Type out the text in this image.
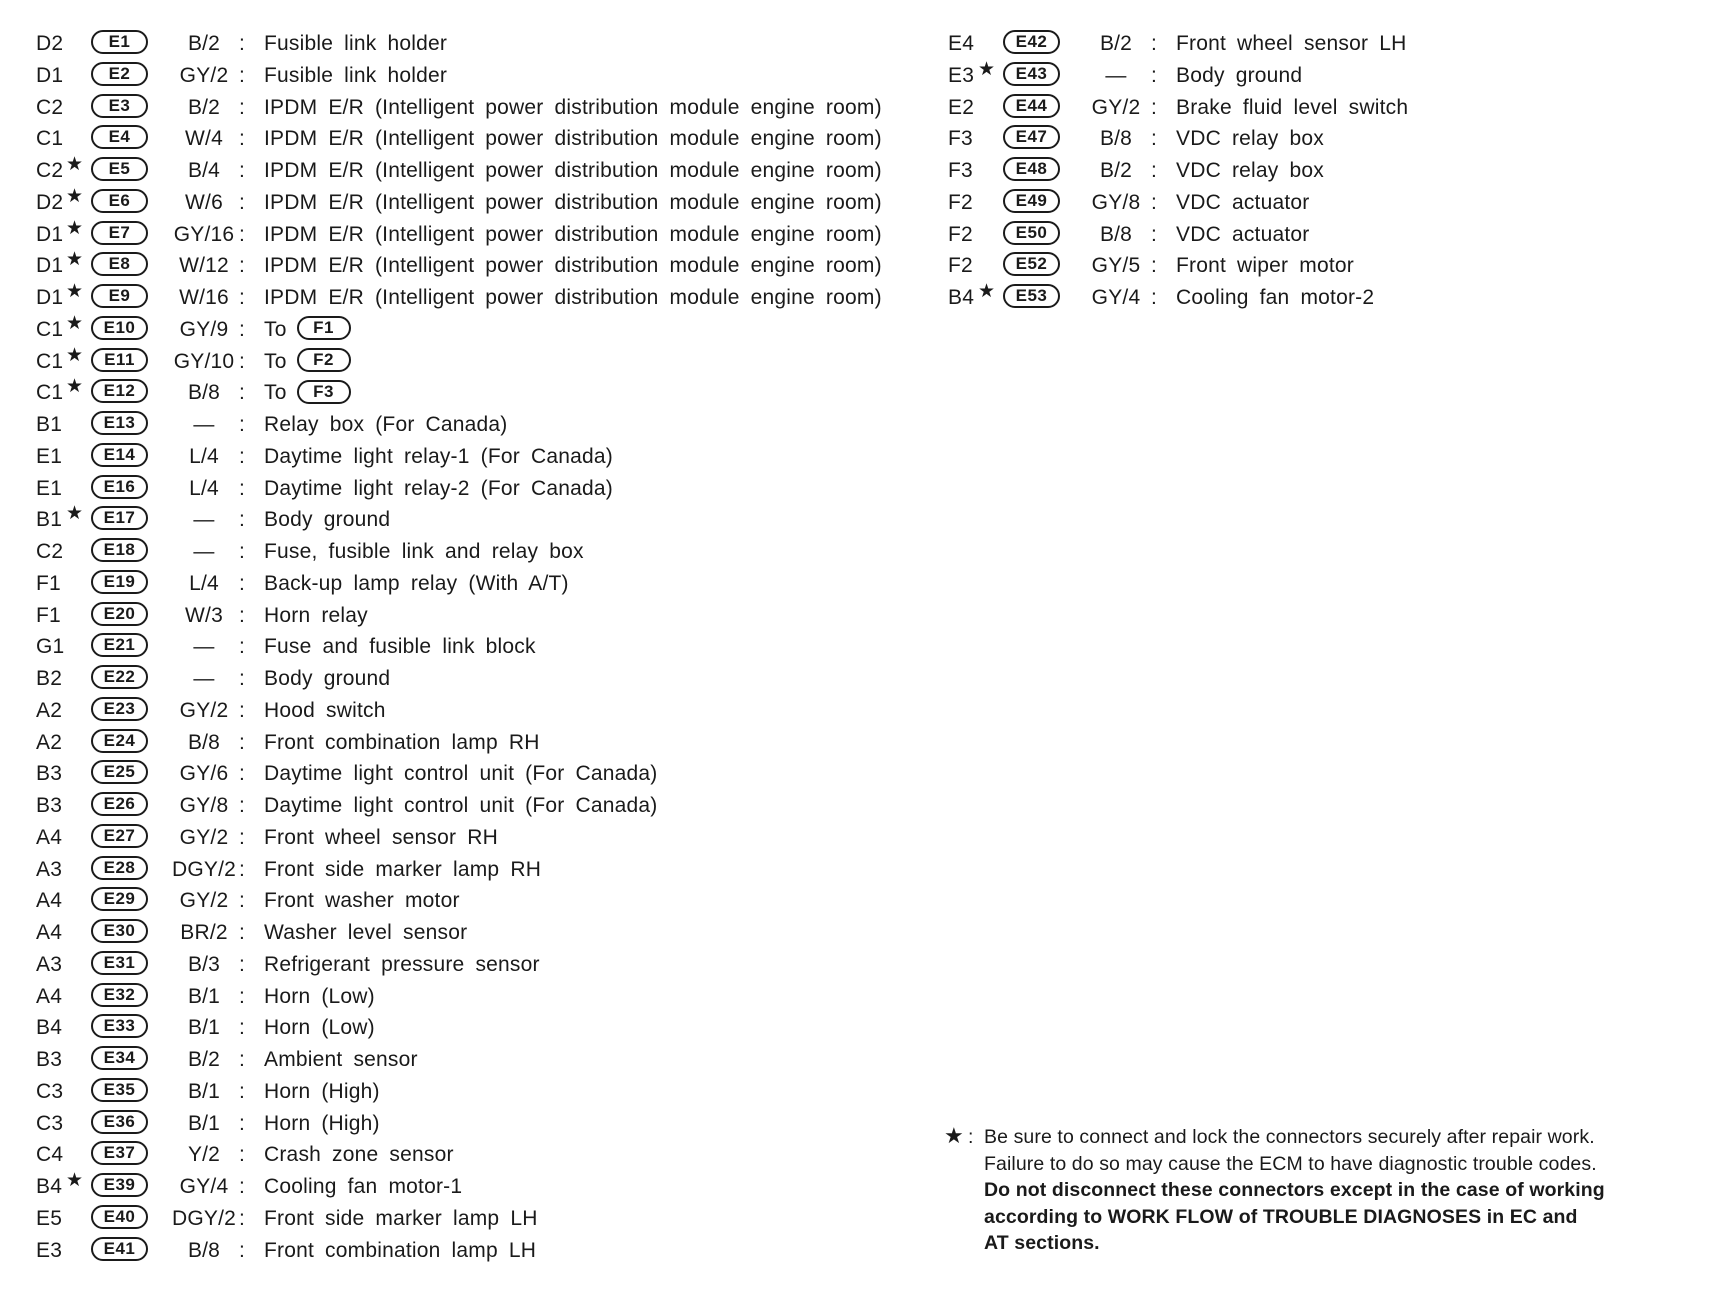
D2	E1	B/2 : Fusible link holder
D1	E2	GY/2 : Fusible link holder
C2	E3	B/2 : IPDM E/R (Intelligent power distribution module engine room)
C1	E4	W/4 : IPDM E/R (Intelligent power distribution module engine room)
C2 ★	E5	B/4 : IPDM E/R (Intelligent power distribution module engine room)
D2 ★	E6	W/6 : IPDM E/R (Intelligent power distribution module engine room)
D1 ★	E7	GY/16 : IPDM E/R (Intelligent power distribution module engine room)
D1 ★	E8	W/12 : IPDM E/R (Intelligent power distribution module engine room)
D1 ★	E9	W/16 : IPDM E/R (Intelligent power distribution module engine room)
C1 ★	E10	GY/9 : To F1
C1 ★	E11	GY/10 : To F2
C1 ★	E12	B/8 : To F3
B1	E13	—	: Relay box (For Canada)
E1	E14	L/4 : Daytime light relay-1 (For Canada)
E1	E16	L/4 : Daytime light relay-2 (For Canada)
B1 ★	E17	—	: Body ground
C2	E18	—	: Fuse, fusible link and relay box
F1	E19	L/4 : Back-up lamp relay (With A/T)
F1	E20	W/3 : Horn relay
G1	E21	—	: Fuse and fusible link block
B2	E22	—	: Body ground
A2	E23	GY/2 : Hood switch
A2	E24	B/8 : Front combination lamp RH
B3	E25	GY/6 : Daytime light control unit (For Canada)
B3	E26	GY/8 : Daytime light control unit (For Canada)
A4	E27	GY/2 : Front wheel sensor RH
A3	E28	DGY/2 : Front side marker lamp RH
A4	E29	GY/2 : Front washer motor
A4	E30	BR/2 : Washer level sensor
A3	E31	B/3 : Refrigerant pressure sensor
A4	E32	B/1 : Horn (Low)
B4	E33	B/1 : Horn (Low)
B3	E34	B/2 : Ambient sensor
C3	E35	B/1 : Horn (High)
C3	E36	B/1 : Horn (High)
C4	E37	Y/2 : Crash zone sensor
B4 ★	E39	GY/4 : Cooling fan motor-1
E5	E40	DGY/2 : Front side marker lamp LH
E3	E41	B/8 : Front combination lamp LH
E4	E42	B/2 : Front wheel sensor LH
E3 ★	E43	—	: Body ground
E2	E44	GY/2 : Brake fluid level switch
F3	E47	B/8 : VDC relay box
F3	E48	B/2 : VDC relay box
F2	E49	GY/8 : VDC actuator
F2	E50	B/8 : VDC actuator
F2	E52	GY/5 : Front wiper motor
B4 ★	E53	GY/4 : Cooling fan motor-2
★ : Be sure to connect and lock the connectors securely after repair work.
Failure to do so may cause the ECM to have diagnostic trouble codes.
Do not disconnect these connectors except in the case of working
according to WORK FLOW of TROUBLE DIAGNOSES in EC and
AT sections.
